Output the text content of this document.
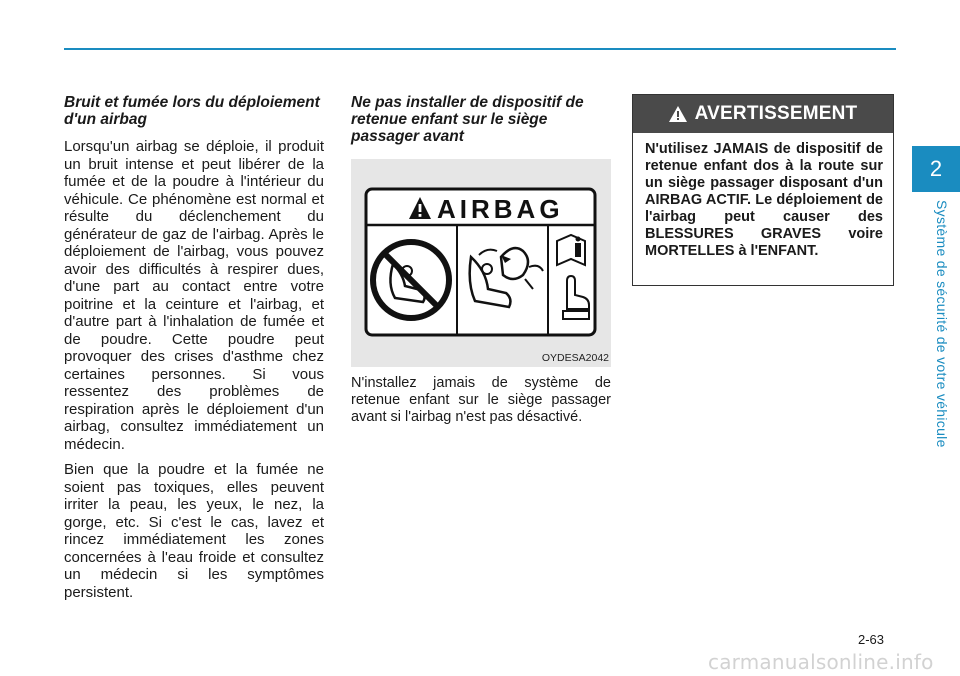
2
Système de sécurité de votre véhicule
Bruit et fumée lors du déploiement d'un airbag

Lorsqu'un airbag se déploie, il produit un bruit intense et peut libérer de la fumée et de la poudre à l'intérieur du véhicule. Ce phénomène est normal et résulte du déclenchement du générateur de gaz de l'airbag. Après le déploiement de l'airbag, vous pouvez avoir des difficultés à respirer dues, d'une part au contact entre votre poitrine et la ceinture et l'airbag, et d'autre part à l'inhalation de fumée et de poudre. Cette poudre peut provoquer des crises d'asthme chez certaines personnes. Si vous ressentez des problèmes de respiration après le déploiement d'un airbag, consultez immédiatement un médecin.

Bien que la poudre et la fumée ne soient pas toxiques, elles peuvent irriter la peau, les yeux, le nez, la gorge, etc. Si c'est le cas, lavez et rincez immédiatement les zones concernées à l'eau froide et consultez un médecin si les symptômes persistent.

Ne pas installer de dispositif de retenue enfant sur le siège passager avant
AIRBAG
OYDESA2042

N'installez jamais de système de retenue enfant sur le siège passager avant si l'airbag n'est pas désactivé.

AVERTISSEMENT
N'utilisez JAMAIS de dispositif de retenue enfant dos à la route sur un siège passager disposant d'un AIRBAG ACTIF. Le déploiement de l'airbag peut causer des BLESSURES GRAVES voire MORTELLES à l'ENFANT.
2-63
carmanualsonline.info
